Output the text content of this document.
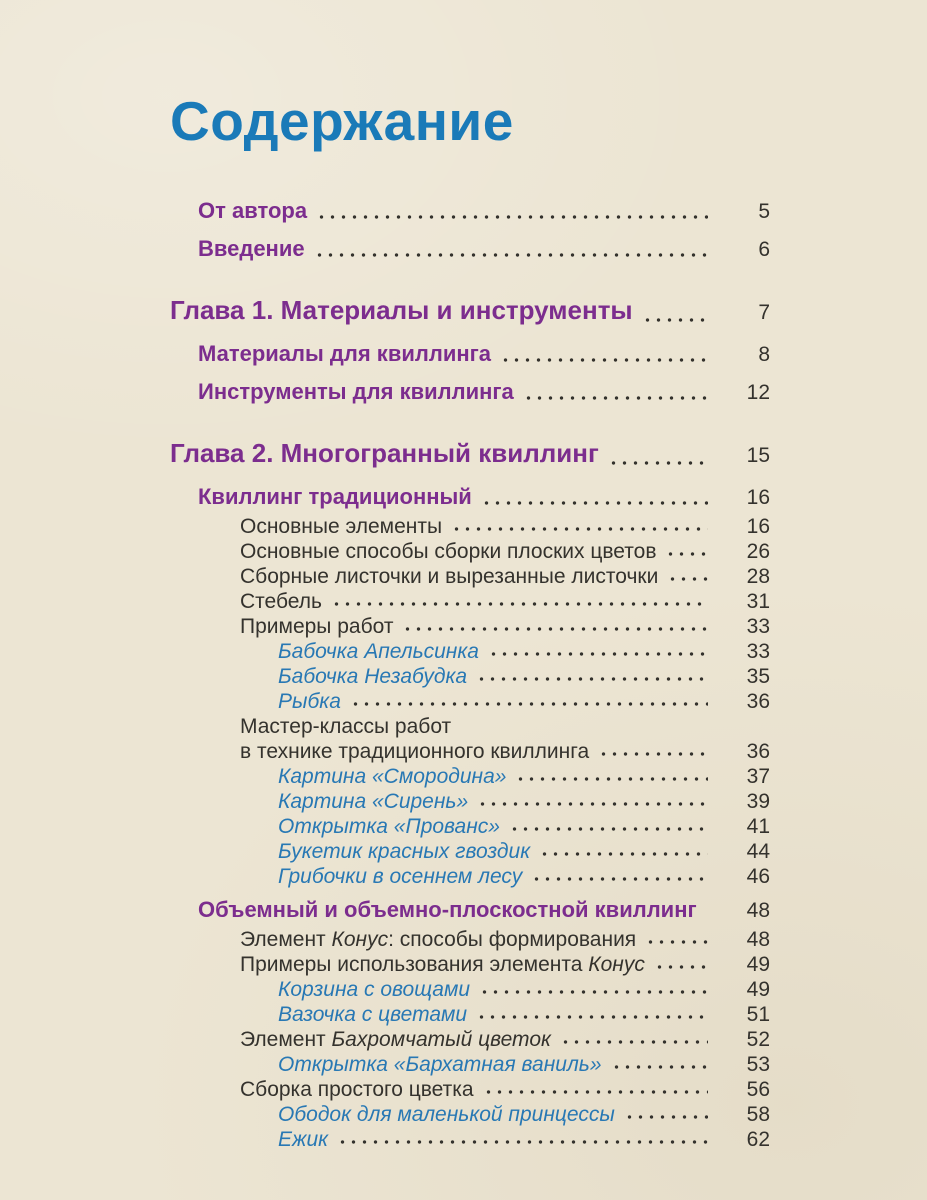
Содержание
От автора	5
Введение	6
Глава 1. Материалы и инструменты	7
Материалы для квиллинга	8
Инструменты для квиллинга	12
Глава 2. Многогранный квиллинг	15
Квиллинг традиционный	16
Основные элементы	16
Основные способы сборки плоских цветов	26
Сборные листочки и вырезанные листочки	28
Стебель	31
Примеры работ	33
Бабочка Апельсинка	33
Бабочка Незабудка	35
Рыбка	36
Мастер-классы работ
в технике традиционного квиллинга	36
Картина «Смородина»	37
Картина «Сирень»	39
Открытка «Прованс»	41
Букетик красных гвоздик	44
Грибочки в осеннем лесу	46
Объемный и объемно-плоскостной квиллинг	48
Элемент Конус: способы формирования	48
Примеры использования элемента Конус	49
Корзина с овощами	49
Вазочка с цветами	51
Элемент Бахромчатый цветок	52
Открытка «Бархатная ваниль»	53
Сборка простого цветка	56
Ободок для маленькой принцессы	58
Ежик	62
